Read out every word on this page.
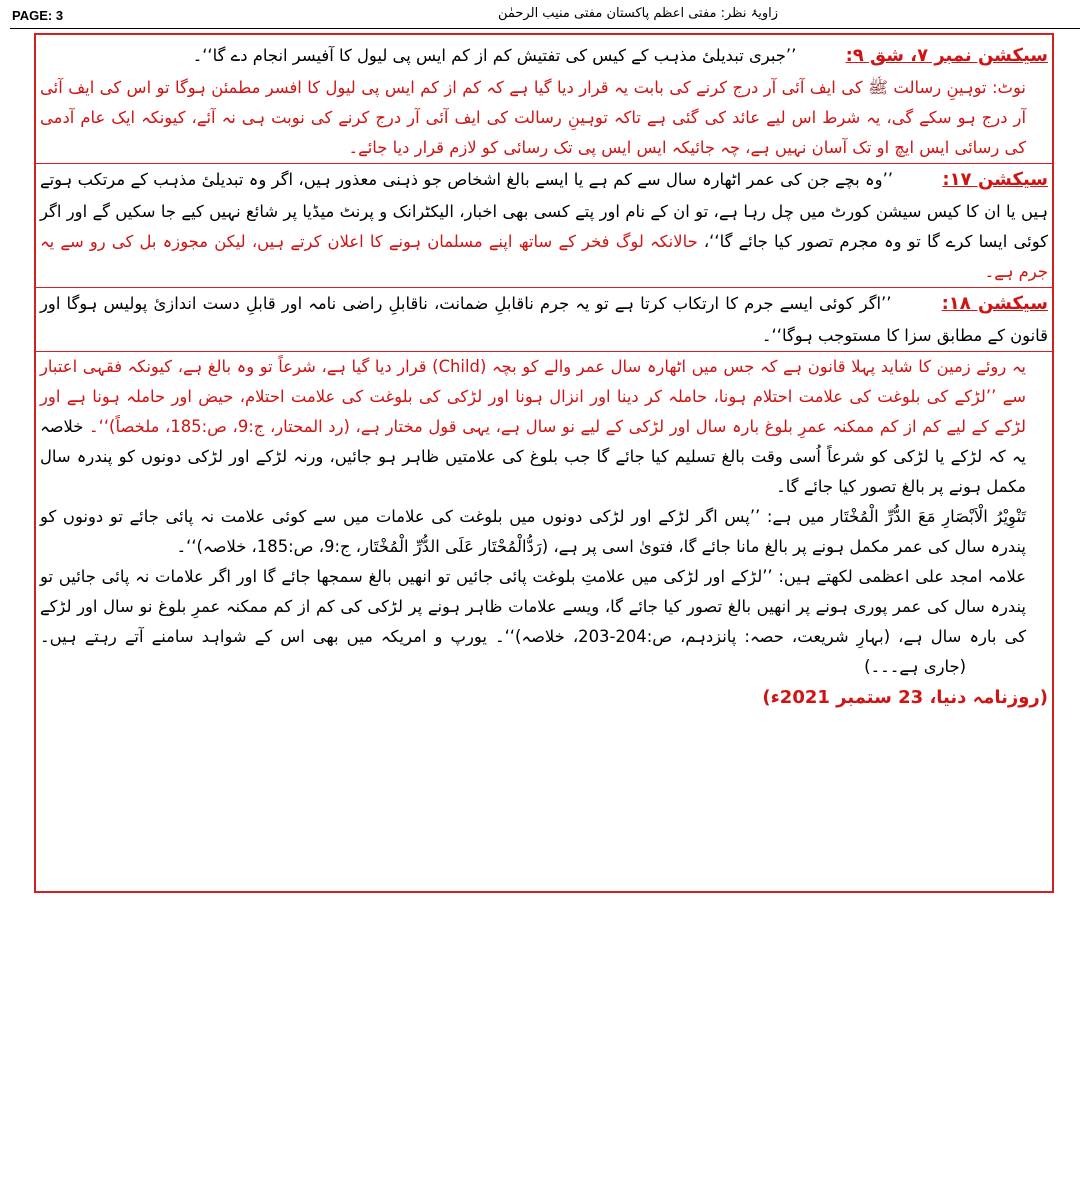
PAGE: 3	زاویۂ نظر: مفتی اعظم پاکستان مفتی منیب الرحمٰن

سیکشن نمبر ۷، شق ۹: ’’جبری تبدیلیٔ مذہب کے کیس کی تفتیش کم از کم ایس پی لیول کا آفیسر انجام دے گا‘‘۔

نوٹ: توہینِ رسالت ﷺ کی ایف آئی آر درج کرنے کی بابت یہ قرار دیا گیا ہے کہ کم از کم ایس پی لیول کا افسر مطمئن ہوگا تو اس کی ایف آئی آر درج ہو سکے گی، یہ شرط اس لیے عائد کی گئی ہے تاکہ توہینِ رسالت کی ایف آئی آر درج کرنے کی نوبت ہی نہ آئے، کیونکہ ایک عام آدمی کی رسائی ایس ایچ او تک آسان نہیں ہے، چہ جائیکہ ایس ایس پی تک رسائی کو لازم قرار دیا جائے۔

سیکشن ۱۷: ’’وہ بچے جن کی عمر اٹھارہ سال سے کم ہے یا ایسے بالغ اشخاص جو ذہنی معذور ہیں، اگر وہ تبدیلیٔ مذہب کے مرتکب ہوتے ہیں یا ان کا کیس سیشن کورٹ میں چل رہا ہے، تو ان کے نام اور پتے کسی بھی اخبار، الیکٹرانک و پرنٹ میڈیا پر شائع نہیں کیے جا سکیں گے اور اگر کوئی ایسا کرے گا تو وہ مجرم تصور کیا جائے گا‘‘، حالانکہ لوگ فخر کے ساتھ اپنے مسلمان ہونے کا اعلان کرتے ہیں، لیکن مجوزہ بل کی رو سے یہ جرم ہے۔

سیکشن ۱۸: ’’اگر کوئی ایسے جرم کا ارتکاب کرتا ہے تو یہ جرم ناقابلِ ضمانت، ناقابلِ راضی نامہ اور قابلِ دست اندازیٔ پولیس ہوگا اور قانون کے مطابق سزا کا مستوجب ہوگا‘‘۔

یہ روئے زمین کا شاید پہلا قانون ہے کہ جس میں اٹھارہ سال عمر والے کو بچہ (Child) قرار دیا گیا ہے، شرعاً تو وہ بالغ ہے، کیونکہ فقہی اعتبار سے ’’لڑکے کی بلوغت کی علامت احتلام ہونا، حاملہ کر دینا اور انزال ہونا اور لڑکی کی بلوغت کی علامت احتلام، حیض اور حاملہ ہونا ہے اور لڑکے کے لیے کم از کم ممکنہ عمرِ بلوغ بارہ سال اور لڑکی کے لیے نو سال ہے، یہی قول مختار ہے، (رد المحتار، ج:9، ص:185، ملخصاً)‘‘۔ خلاصہ یہ کہ لڑکے یا لڑکی کو شرعاً اُسی وقت بالغ تسلیم کیا جائے گا جب بلوغ کی علامتیں ظاہر ہو جائیں، ورنہ لڑکے اور لڑکی دونوں کو پندرہ سال مکمل ہونے پر بالغ تصور کیا جائے گا۔

تَنْوِیْرُ الْاَبْصَارِ مَعَ الدُّرِّ الْمُخْتَار میں ہے: ’’پس اگر لڑکے اور لڑکی دونوں میں بلوغت کی علامات میں سے کوئی علامت نہ پائی جائے تو دونوں کو پندرہ سال کی عمر مکمل ہونے پر بالغ مانا جائے گا، فتویٰ اسی پر ہے، (رَدُّالْمُحْتَار عَلَی الدُّرِّ الْمُخْتَار، ج:9، ص:185، خلاصہ)‘‘۔

علامہ امجد علی اعظمی لکھتے ہیں: ’’لڑکے اور لڑکی میں علامتِ بلوغت پائی جائیں تو انھیں بالغ سمجھا جائے گا اور اگر علامات نہ پائی جائیں تو پندرہ سال کی عمر پوری ہونے پر انھیں بالغ تصور کیا جائے گا، ویسے علامات ظاہر ہونے پر لڑکی کی کم از کم ممکنہ عمرِ بلوغ نو سال اور لڑکے کی بارہ سال ہے، (بہارِ شریعت، حصہ: پانزدہم، ص:204-203، خلاصہ)‘‘۔ یورپ و امریکہ میں بھی اس کے شواہد سامنے آتے رہتے ہیں۔ (جاری ہے۔۔۔)

(روزنامہ دنیا، 23 ستمبر 2021ء)
